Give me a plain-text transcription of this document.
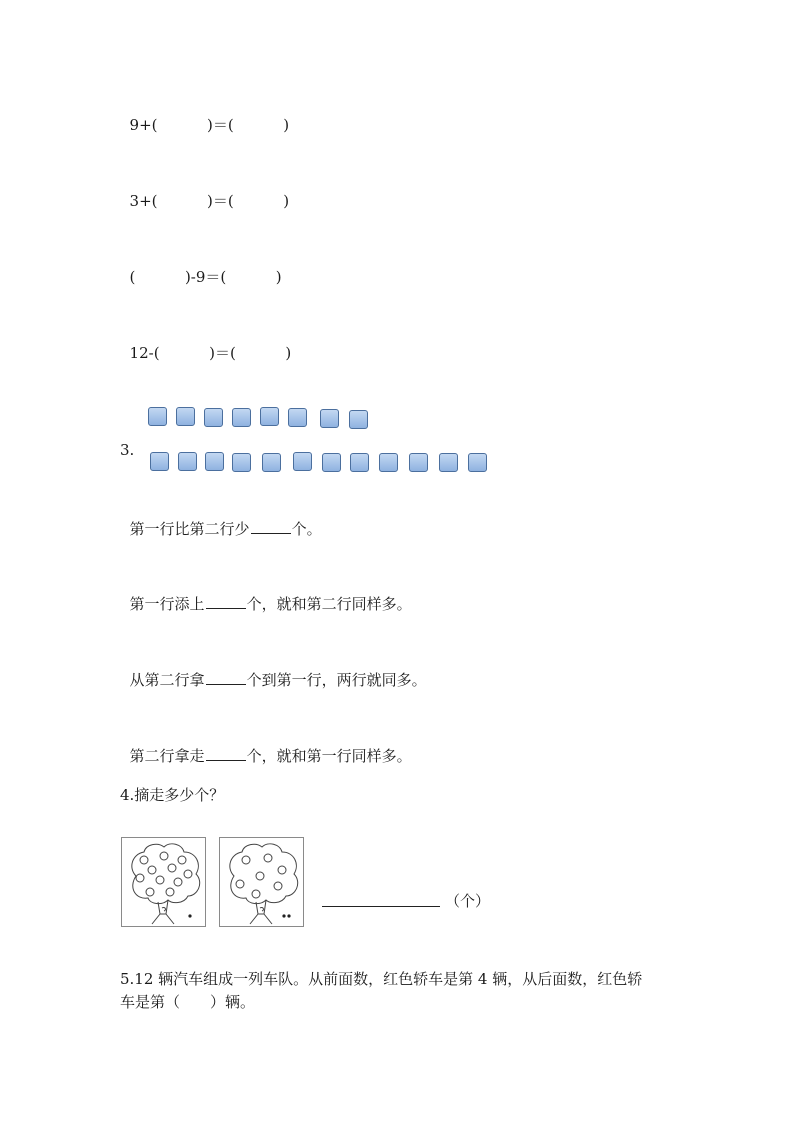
9+(	)＝(	)

3+(	)＝(	)

(	)-9＝(	)

12-(	)＝(	)

3.

第一行比第二行少	个。

第一行添上	个，就和第二行同样多。

从第二行拿	个到第一行，两行就同多。

第二行拿走	个，就和第一行同样多。

4.摘走多少个？
（个）
5.12 辆汽车组成一列车队。从前面数，红色轿车是第 4 辆，从后面数，红色轿
车是第（　　）辆。
